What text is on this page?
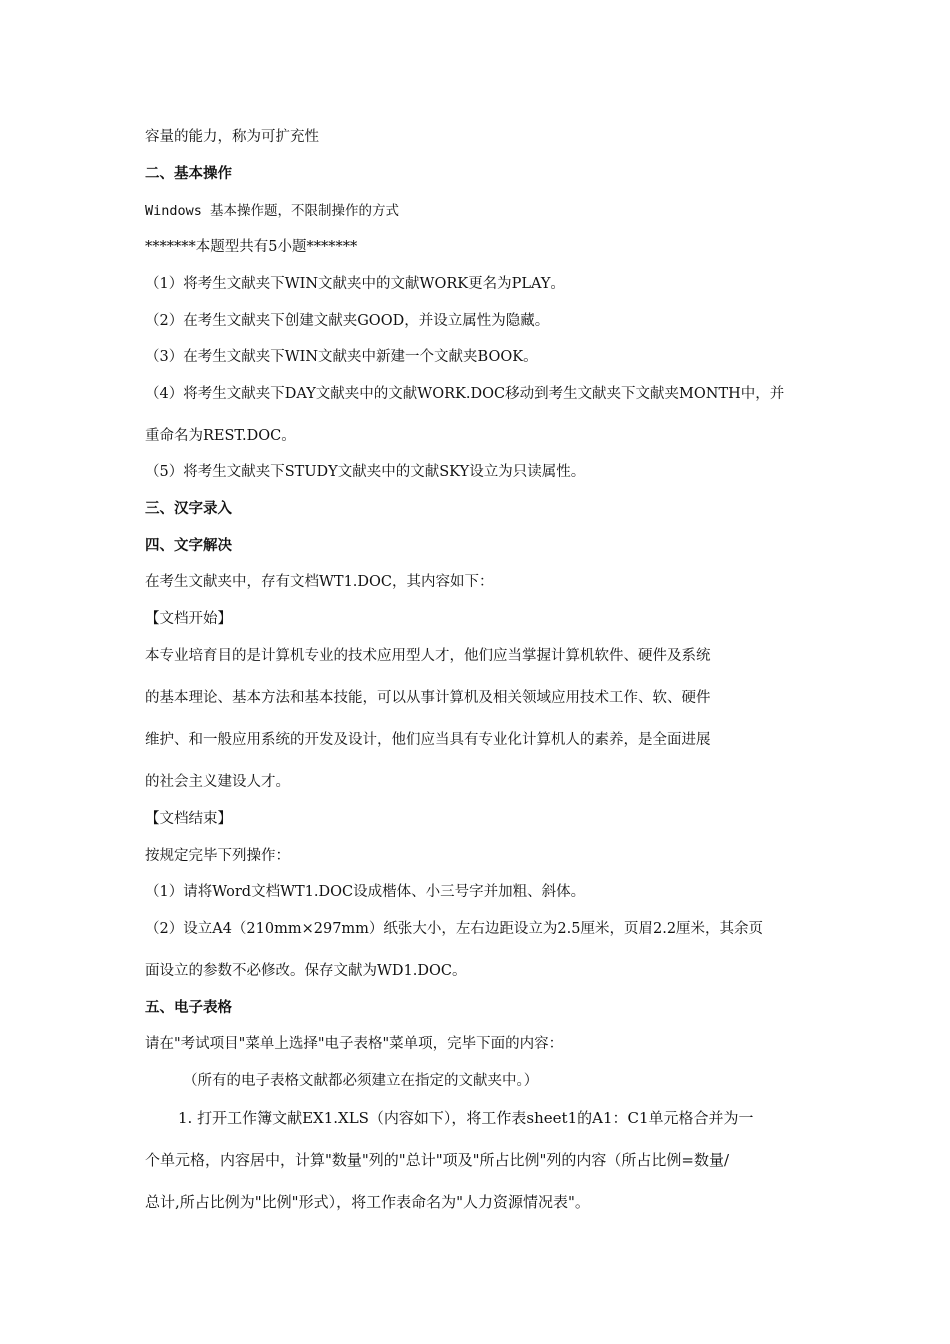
容量的能力，称为可扩充性
二、基本操作
Windows 基本操作题，不限制操作的方式
*******本题型共有5小题*******
（1）将考生文献夹下WIN文献夹中的文献WORK更名为PLAY。
（2）在考生文献夹下创建文献夹GOOD，并设立属性为隐藏。
（3）在考生文献夹下WIN文献夹中新建一个文献夹BOOK。
（4）将考生文献夹下DAY文献夹中的文献WORK.DOC移动到考生文献夹下文献夹MONTH中，并
重命名为REST.DOC。
（5）将考生文献夹下STUDY文献夹中的文献SKY设立为只读属性。
三、汉字录入
四、文字解决
在考生文献夹中，存有文档WT1.DOC，其内容如下：
【文档开始】
本专业培育目的是计算机专业的技术应用型人才，他们应当掌握计算机软件、硬件及系统
的基本理论、基本方法和基本技能，可以从事计算机及相关领域应用技术工作、软、硬件
维护、和一般应用系统的开发及设计，他们应当具有专业化计算机人的素养，是全面进展
的社会主义建设人才。
【文档结束】
按规定完毕下列操作：
（1）请将Word文档WT1.DOC设成楷体、小三号字并加粗、斜体。
（2）设立A4（210mm×297mm）纸张大小，左右边距设立为2.5厘米，页眉2.2厘米，其余页
面设立的参数不必修改。保存文献为WD1.DOC。
五、电子表格
请在"考试项目"菜单上选择"电子表格"菜单项，完毕下面的内容：
（所有的电子表格文献都必须建立在指定的文献夹中。）
1. 打开工作簿文献EX1.XLS（内容如下），将工作表sheet1的A1：C1单元格合并为一
个单元格，内容居中，计算"数量"列的"总计"项及"所占比例"列的内容（所占比例=数量/
总计,所占比例为"比例"形式），将工作表命名为"人力资源情况表"。
